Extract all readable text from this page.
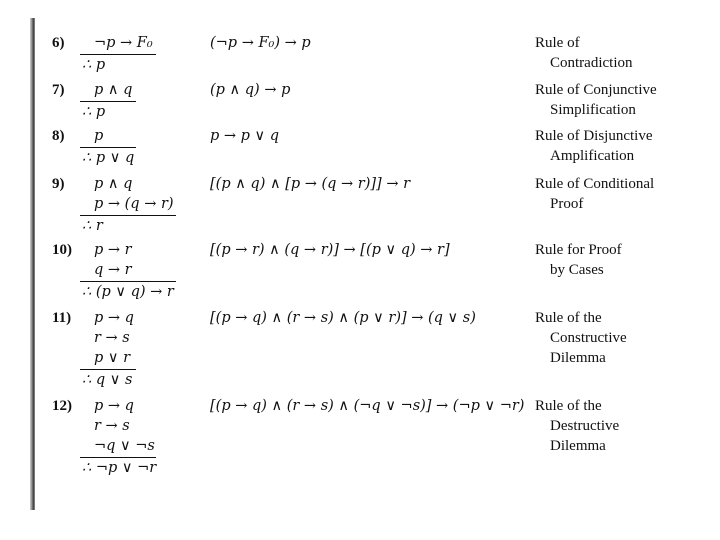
6)	¬p → F₀
∴ p
(¬p → F₀) → p	Rule of
Contradiction
7)	p ∧ q
∴ p
(p ∧ q) → p	Rule of Conjunctive
Simplification
8)	p
∴ p ∨ q
p → p ∨ q	Rule of Disjunctive
Amplification
9)	p ∧ q
p → (q → r)
∴ r
[(p ∧ q) ∧ [p → (q → r)]] → r	Rule of Conditional
Proof
10)	p → r
q → r
∴ (p ∨ q) → r
[(p → r) ∧ (q → r)] → [(p ∨ q) → r]	Rule for Proof
by Cases
11)	p → q
r → s
p ∨ r
∴ q ∨ s
[(p → q) ∧ (r → s) ∧ (p ∨ r)] → (q ∨ s)	Rule of the
Constructive
Dilemma
12)	p → q
r → s
¬q ∨ ¬s
∴ ¬p ∨ ¬r
[(p → q) ∧ (r → s) ∧ (¬q ∨ ¬s)] → (¬p ∨ ¬r) Rule of the
Destructive
Dilemma
